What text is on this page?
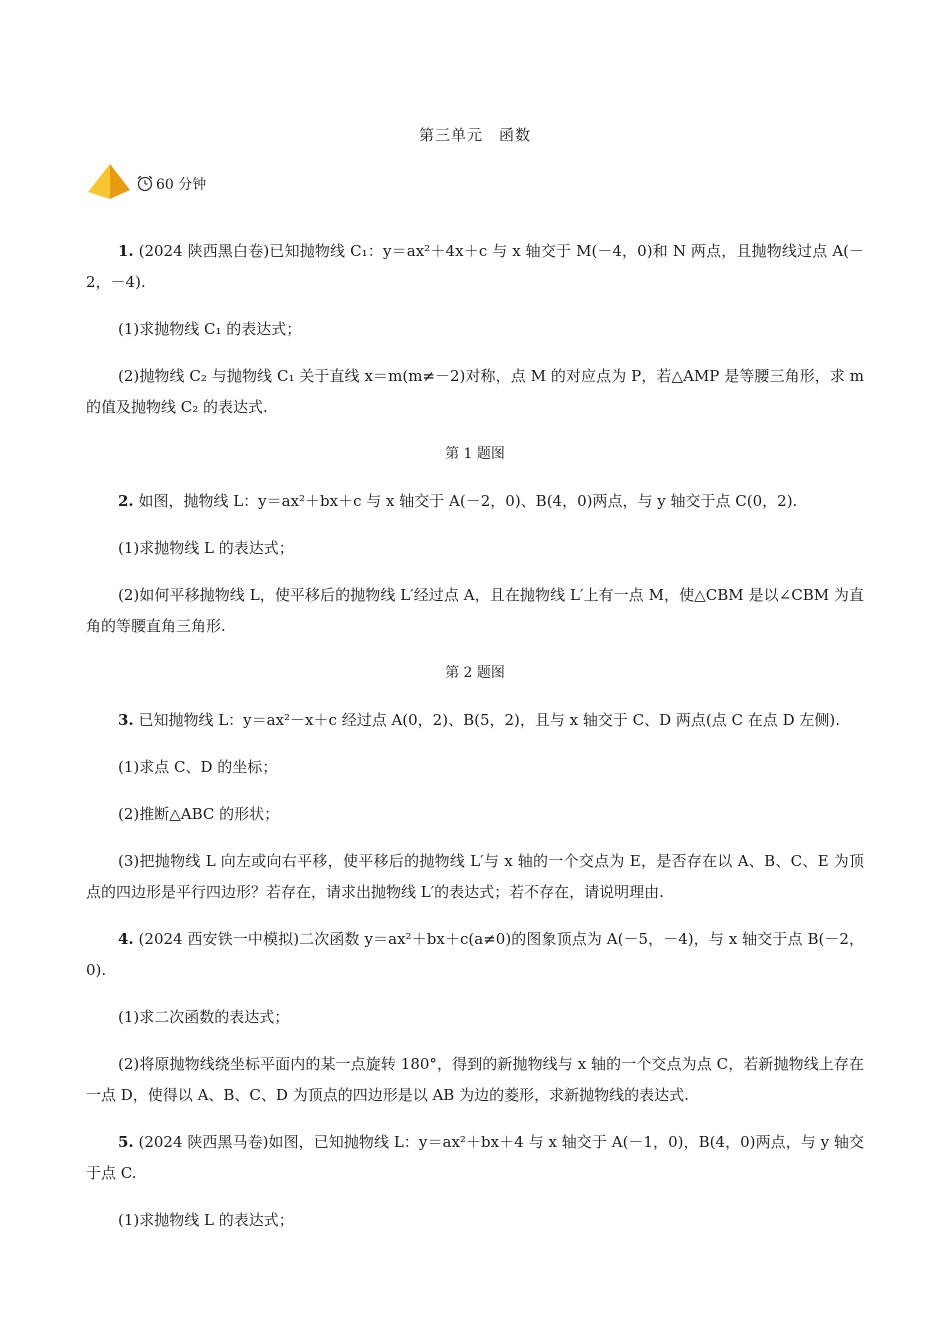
第三单元　函数
60 分钟

1. (2024 陕西黑白卷)已知抛物线 C₁：y＝ax²＋4x＋c 与 x 轴交于 M(－4，0)和 N 两点，且抛物线过点 A(－2，－4).

(1)求抛物线 C₁ 的表达式；

(2)抛物线 C₂ 与抛物线 C₁ 关于直线 x＝m(m≠－2)对称，点 M 的对应点为 P，若△AMP 是等腰三角形，求 m 的值及抛物线 C₂ 的表达式.

第 1 题图

2. 如图，抛物线 L：y＝ax²＋bx＋c 与 x 轴交于 A(－2，0)、B(4，0)两点，与 y 轴交于点 C(0，2).

(1)求抛物线 L 的表达式；

(2)如何平移抛物线 L，使平移后的抛物线 L′经过点 A，且在抛物线 L′上有一点 M，使△CBM 是以∠CBM 为直角的等腰直角三角形.

第 2 题图

3. 已知抛物线 L：y＝ax²－x＋c 经过点 A(0，2)、B(5，2)，且与 x 轴交于 C、D 两点(点 C 在点 D 左侧).

(1)求点 C、D 的坐标；

(2)推断△ABC 的形状；

(3)把抛物线 L 向左或向右平移，使平移后的抛物线 L′与 x 轴的一个交点为 E，是否存在以 A、B、C、E 为顶点的四边形是平行四边形？若存在，请求出抛物线 L′的表达式；若不存在，请说明理由.

4. (2024 西安铁一中模拟)二次函数 y＝ax²＋bx＋c(a≠0)的图象顶点为 A(－5，－4)，与 x 轴交于点 B(－2，0).

(1)求二次函数的表达式；

(2)将原抛物线绕坐标平面内的某一点旋转 180°，得到的新抛物线与 x 轴的一个交点为点 C，若新抛物线上存在一点 D，使得以 A、B、C、D 为顶点的四边形是以 AB 为边的菱形，求新抛物线的表达式.

5. (2024 陕西黑马卷)如图，已知抛物线 L：y＝ax²＋bx＋4 与 x 轴交于 A(－1，0)，B(4，0)两点，与 y 轴交于点 C.

(1)求抛物线 L 的表达式；
